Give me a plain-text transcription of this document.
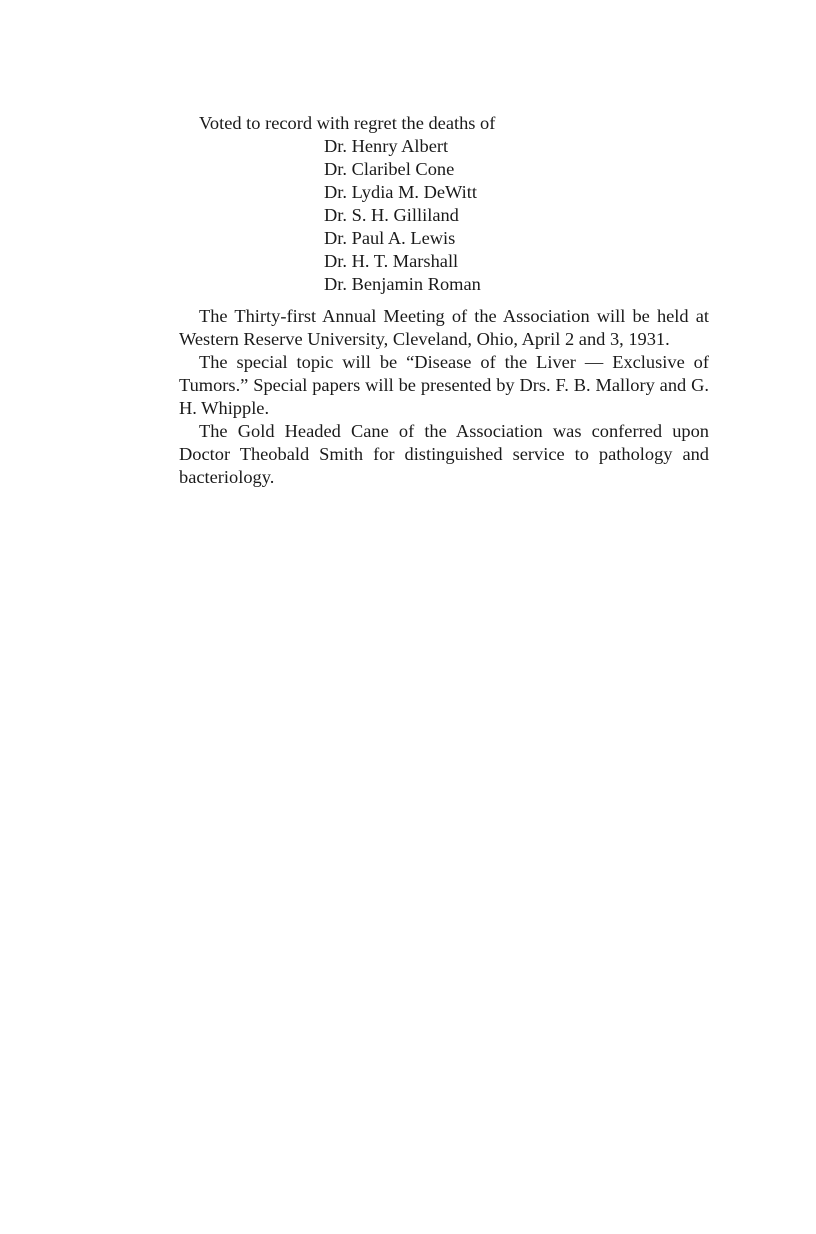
Voted to record with regret the deaths of

Dr. Henry Albert
Dr. Claribel Cone
Dr. Lydia M. DeWitt
Dr. S. H. Gilliland
Dr. Paul A. Lewis
Dr. H. T. Marshall
Dr. Benjamin Roman

The Thirty-first Annual Meeting of the Association will be held at Western Reserve University, Cleveland, Ohio, April 2 and 3, 1931.

The special topic will be “Disease of the Liver — Exclusive of Tumors.” Special papers will be presented by Drs. F. B. Mallory and G. H. Whipple.

The Gold Headed Cane of the Association was conferred upon Doctor Theobald Smith for distinguished service to pathology and bacteriology.
